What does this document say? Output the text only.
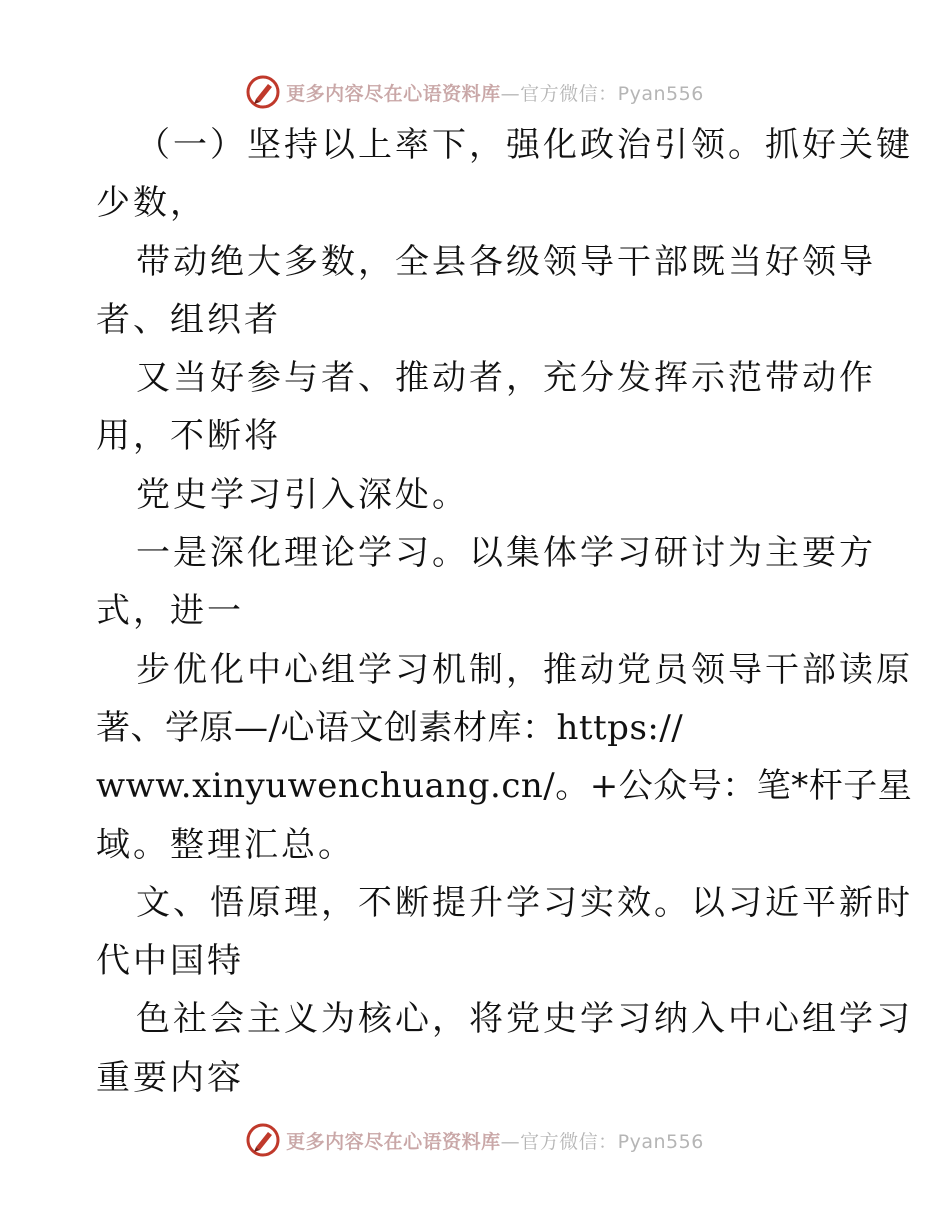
更多内容尽在心语资料库—官方微信：Pyan556
（一）坚持以上率下，强化政治引领。抓好关键
少数，
带动绝大多数，全县各级领导干部既当好领导
者、组织者
又当好参与者、推动者，充分发挥示范带动作
用，不断将
党史学习引入深处。
一是深化理论学习。以集体学习研讨为主要方
式，进一
步优化中心组学习机制，推动党员领导干部读原
著、学原—/心语文创素材库：https://
www.xinyuwenchuang.cn/。+公众号：笔*杆子星
域。整理汇总。
文、悟原理，不断提升学习实效。以习近平新时
代中国特
色社会主义为核心，将党史学习纳入中心组学习
重要内容
更多内容尽在心语资料库—官方微信：Pyan556
